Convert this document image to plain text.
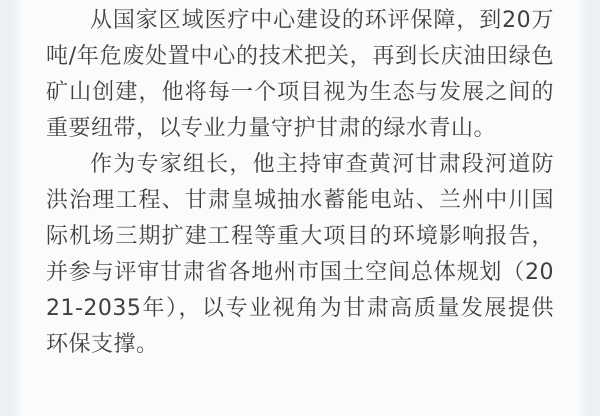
从国家区域医疗中心建设的环评保障，到20万吨/年危废处置中心的技术把关，再到长庆油田绿色矿山创建，他将每一个项目视为生态与发展之间的重要纽带，以专业力量守护甘肃的绿水青山。

作为专家组长，他主持审查黄河甘肃段河道防洪治理工程、甘肃皇城抽水蓄能电站、兰州中川国际机场三期扩建工程等重大项目的环境影响报告，并参与评审甘肃省各地州市国土空间总体规划（2021-2035年），以专业视角为甘肃高质量发展提供环保支撑。
